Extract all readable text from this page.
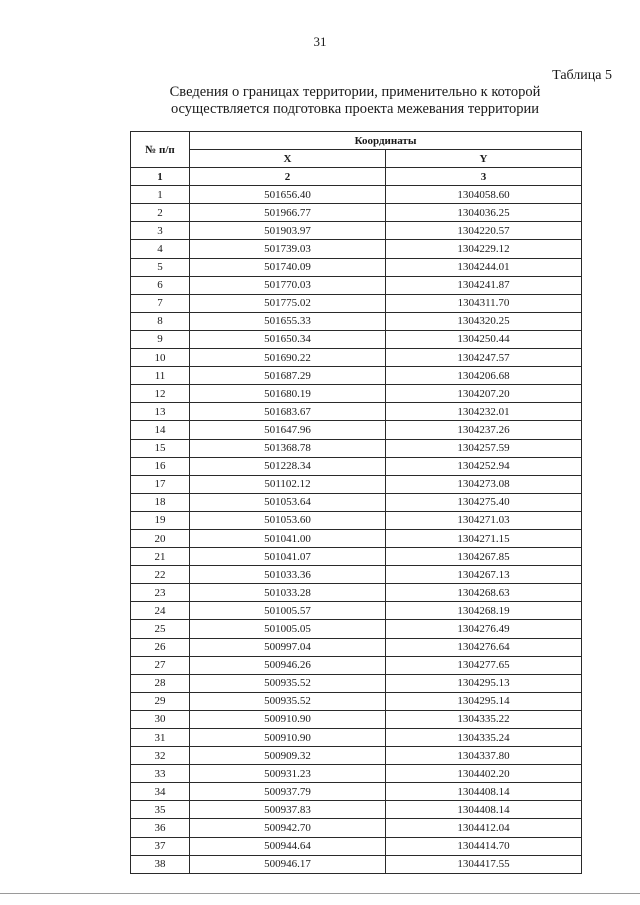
31
Таблица 5
Сведения о границах территории, применительно к которой осуществляется подготовка проекта межевания территории
№ п/п	Координаты	
	X	Y
1	2	3
1	501656.40	1304058.60
2	501966.77	1304036.25
3	501903.97	1304220.57
4	501739.03	1304229.12
5	501740.09	1304244.01
6	501770.03	1304241.87
7	501775.02	1304311.70
8	501655.33	1304320.25
9	501650.34	1304250.44
10	501690.22	1304247.57
11	501687.29	1304206.68
12	501680.19	1304207.20
13	501683.67	1304232.01
14	501647.96	1304237.26
15	501368.78	1304257.59
16	501228.34	1304252.94
17	501102.12	1304273.08
18	501053.64	1304275.40
19	501053.60	1304271.03
20	501041.00	1304271.15
21	501041.07	1304267.85
22	501033.36	1304267.13
23	501033.28	1304268.63
24	501005.57	1304268.19
25	501005.05	1304276.49
26	500997.04	1304276.64
27	500946.26	1304277.65
28	500935.52	1304295.13
29	500935.52	1304295.14
30	500910.90	1304335.22
31	500910.90	1304335.24
32	500909.32	1304337.80
33	500931.23	1304402.20
34	500937.79	1304408.14
35	500937.83	1304408.14
36	500942.70	1304412.04
37	500944.64	1304414.70
38	500946.17	1304417.55
